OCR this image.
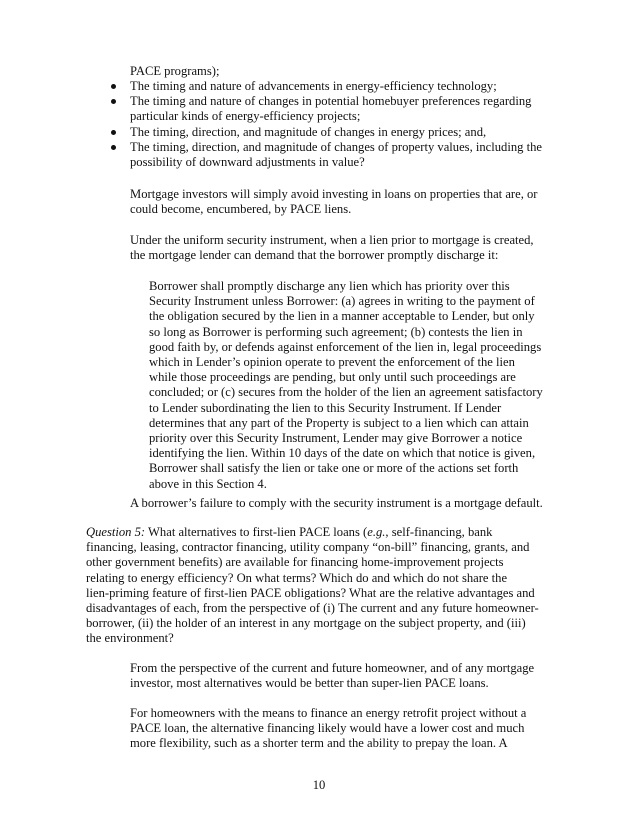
PACE programs);
The timing and nature of advancements in energy-efficiency technology;
The timing and nature of changes in potential homebuyer preferences regarding
particular kinds of energy-efficiency projects;
The timing, direction, and magnitude of changes in energy prices; and,
The timing, direction, and magnitude of changes of property values, including the
possibility of downward adjustments in value?
Mortgage investors will simply avoid investing in loans on properties that are, or
could become, encumbered, by PACE liens.
Under the uniform security instrument, when a lien prior to mortgage is created,
the mortgage lender can demand that the borrower promptly discharge it:
Borrower shall promptly discharge any lien which has priority over this
Security Instrument unless Borrower: (a) agrees in writing to the payment of
the obligation secured by the lien in a manner acceptable to Lender, but only
so long as Borrower is performing such agreement; (b) contests the lien in
good faith by, or defends against enforcement of the lien in, legal proceedings
which in Lender’s opinion operate to prevent the enforcement of the lien
while those proceedings are pending, but only until such proceedings are
concluded; or (c) secures from the holder of the lien an agreement satisfactory
to Lender subordinating the lien to this Security Instrument. If Lender
determines that any part of the Property is subject to a lien which can attain
priority over this Security Instrument, Lender may give Borrower a notice
identifying the lien. Within 10 days of the date on which that notice is given,
Borrower shall satisfy the lien or take one or more of the actions set forth
above in this Section 4.
A borrower’s failure to comply with the security instrument is a mortgage default.
Question 5: What alternatives to first-lien PACE loans (e.g., self-financing, bank
financing, leasing, contractor financing, utility company “on-bill” financing, grants, and
other government benefits) are available for financing home-improvement projects
relating to energy efficiency? On what terms? Which do and which do not share the
lien-priming feature of first-lien PACE obligations? What are the relative advantages and
disadvantages of each, from the perspective of (i) The current and any future homeowner-
borrower, (ii) the holder of an interest in any mortgage on the subject property, and (iii)
the environment?
From the perspective of the current and future homeowner, and of any mortgage
investor, most alternatives would be better than super-lien PACE loans.
For homeowners with the means to finance an energy retrofit project without a
PACE loan, the alternative financing likely would have a lower cost and much
more flexibility, such as a shorter term and the ability to prepay the loan. A
10
